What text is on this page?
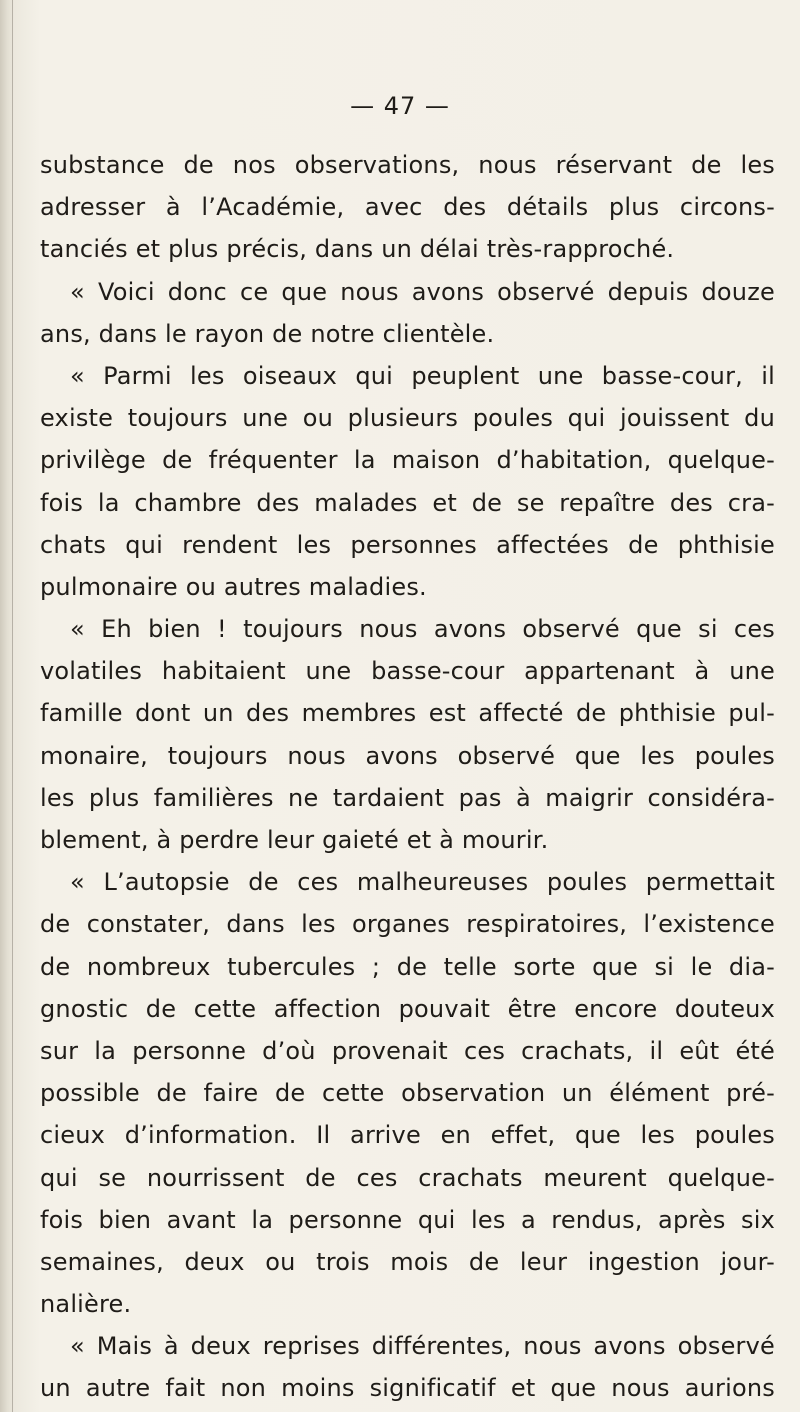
— 47 —
substance de nos observations, nous réservant de les
adresser à l’Académie, avec des détails plus circons-
tanciés et plus précis, dans un délai très-rapproché.
« Voici donc ce que nous avons observé depuis douze
ans, dans le rayon de notre clientèle.
« Parmi les oiseaux qui peuplent une basse-cour, il
existe toujours une ou plusieurs poules qui jouissent du
privilège de fréquenter la maison d’habitation, quelque-
fois la chambre des malades et de se repaître des cra-
chats qui rendent les personnes affectées de phthisie
pulmonaire ou autres maladies.
« Eh bien ! toujours nous avons observé que si ces
volatiles habitaient une basse-cour appartenant à une
famille dont un des membres est affecté de phthisie pul-
monaire, toujours nous avons observé que les poules
les plus familières ne tardaient pas à maigrir considéra-
blement, à perdre leur gaieté et à mourir.
« L’autopsie de ces malheureuses poules permettait
de constater, dans les organes respiratoires, l’existence
de nombreux tubercules ; de telle sorte que si le dia-
gnostic de cette affection pouvait être encore douteux
sur la personne d’où provenait ces crachats, il eût été
possible de faire de cette observation un élément pré-
cieux d’information. Il arrive en effet, que les poules
qui se nourrissent de ces crachats meurent quelque-
fois bien avant la personne qui les a rendus, après six
semaines, deux ou trois mois de leur ingestion jour-
nalière.
« Mais à deux reprises différentes, nous avons observé
un autre fait non moins significatif et que nous aurions
